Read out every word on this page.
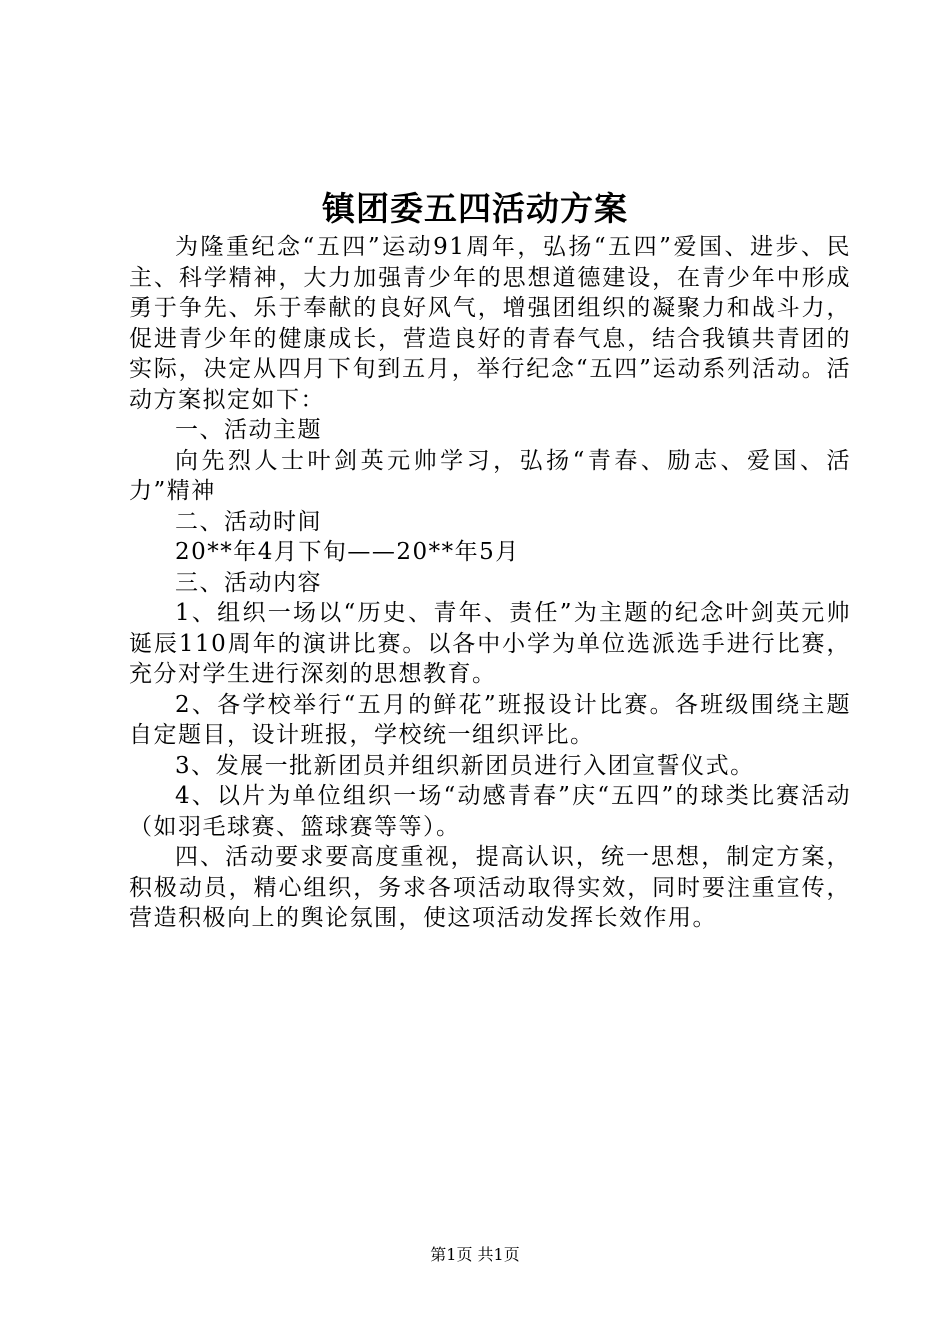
镇团委五四活动方案

为隆重纪念“五四”运动91周年，弘扬“五四”爱国、进步、民主、科学精神，大力加强青少年的思想道德建设，在青少年中形成勇于争先、乐于奉献的良好风气，增强团组织的凝聚力和战斗力，促进青少年的健康成长，营造良好的青春气息，结合我镇共青团的实际，决定从四月下旬到五月，举行纪念“五四”运动系列活动。活动方案拟定如下：

一、活动主题

向先烈人士叶剑英元帅学习，弘扬“青春、励志、爱国、活力”精神

二、活动时间

20**年4月下旬——20**年5月

三、活动内容

1、组织一场以“历史、青年、责任”为主题的纪念叶剑英元帅诞辰110周年的演讲比赛。以各中小学为单位选派选手进行比赛，充分对学生进行深刻的思想教育。

2、各学校举行“五月的鲜花”班报设计比赛。各班级围绕主题自定题目，设计班报，学校统一组织评比。

3、发展一批新团员并组织新团员进行入团宣誓仪式。

4、以片为单位组织一场“动感青春”庆“五四”的球类比赛活动（如羽毛球赛、篮球赛等等）。

四、活动要求要高度重视，提高认识，统一思想，制定方案，积极动员，精心组织，务求各项活动取得实效，同时要注重宣传，营造积极向上的舆论氛围，使这项活动发挥长效作用。

第1页 共1页
